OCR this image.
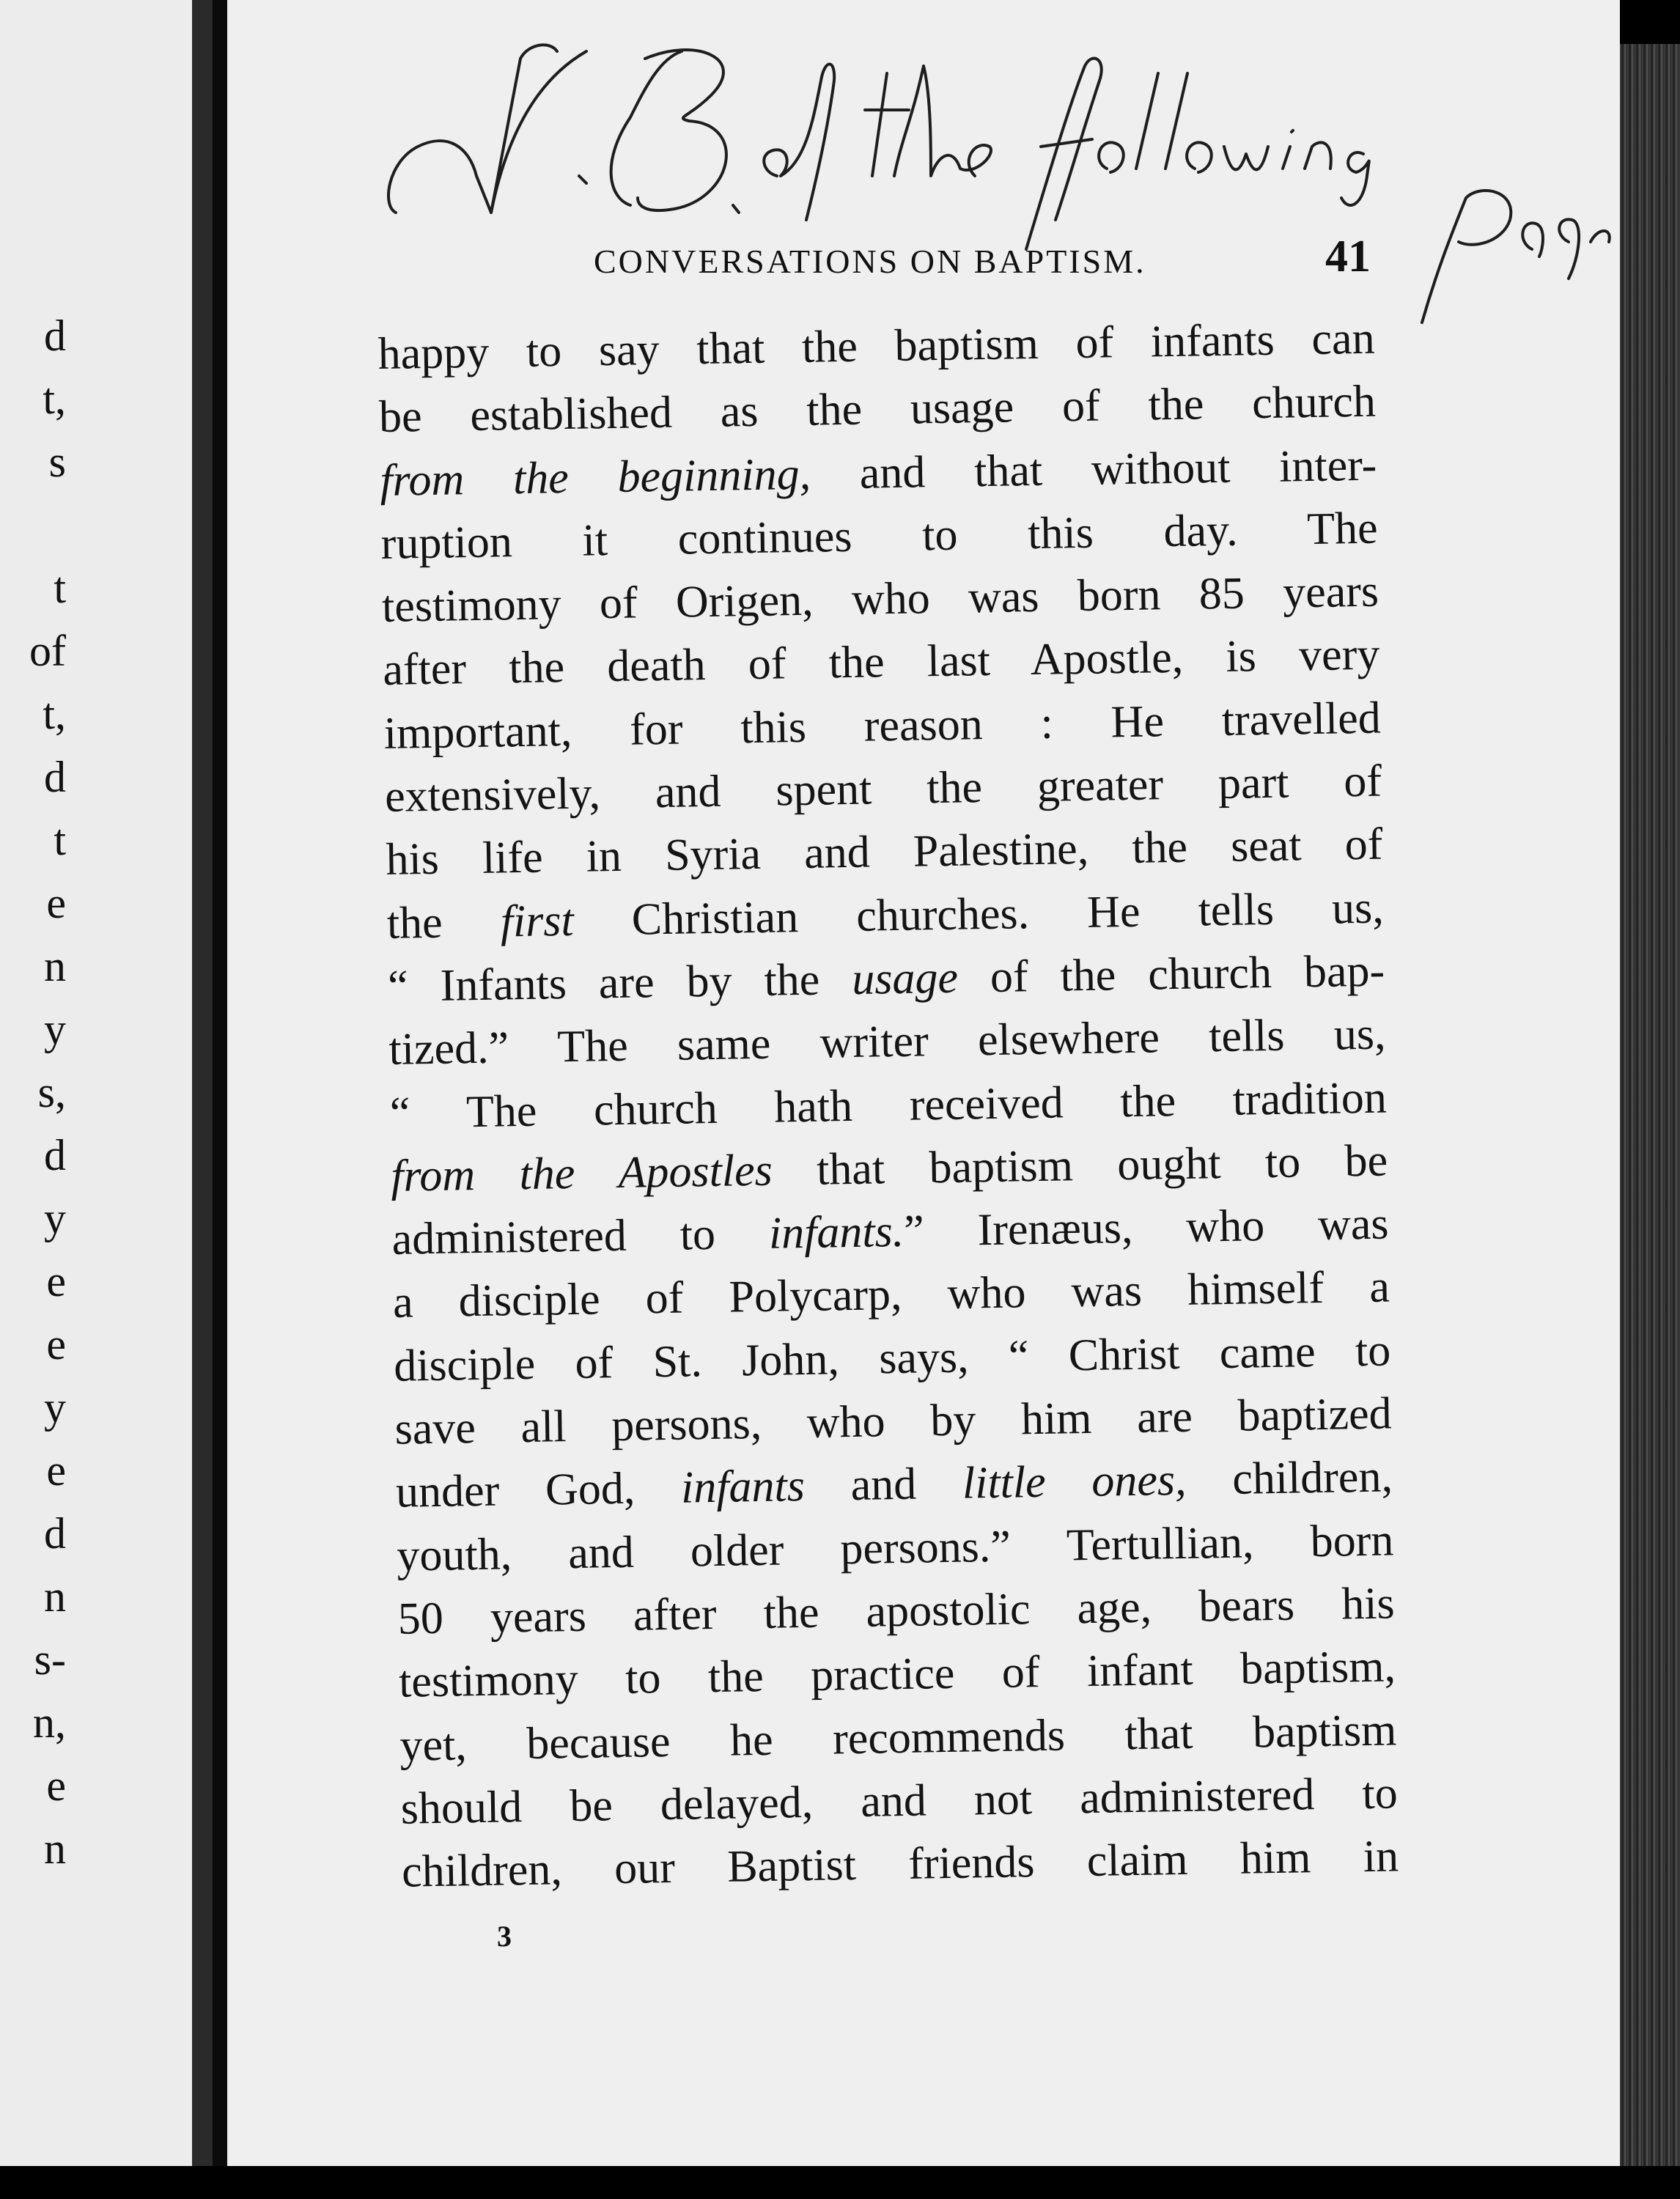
d
t,
s
t
of
t,
d
t
e
n
y
s,
d
y
e
e
y
e
d
n
s-
n,
e
n
CONVERSATIONS ON BAPTISM.	41
happy to say that the baptism of infants can
be established as the usage of the church
from the beginning, and that without inter-
ruption it continues to this day. The
testimony of Origen, who was born 85 years
after the death of the last Apostle, is very
important, for this reason : He travelled
extensively, and spent the greater part of
his life in Syria and Palestine, the seat of
the first Christian churches. He tells us,
“ Infants are by the usage of the church bap-
tized.” The same writer elsewhere tells us,
“ The church hath received the tradition
from the Apostles that baptism ought to be
administered to infants.” Irenæus, who was
a disciple of Polycarp, who was himself a
disciple of St. John, says, “ Christ came to
save all persons, who by him are baptized
under God, infants and little ones, children,
youth, and older persons.” Tertullian, born
50 years after the apostolic age, bears his
testimony to the practice of infant baptism,
yet, because he recommends that baptism
should be delayed, and not administered to
children, our Baptist friends claim him in
3
